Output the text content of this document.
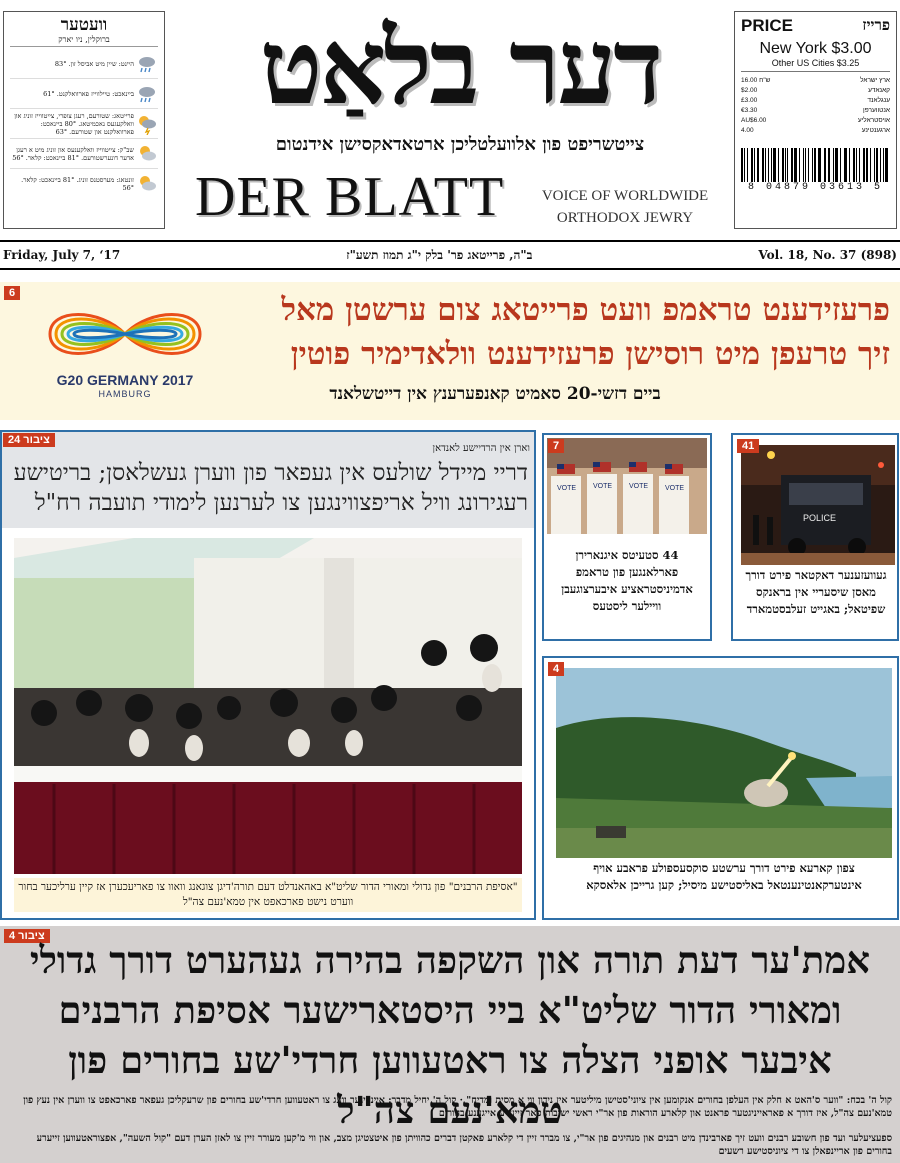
וועטער
ברוקלין, ניו יארק
היינט: שיין מיט אביסל זון. 83°
ביינאכט: טיילווייז פארוואלקנט. 61°
פרייטאג: שטורעם, רעגן צופרי, צייטווייז זוניג און וואלקעגעס נאכמיטאג. 80° ביינאכט: פארוואלקנט און שטורעם. 63°
שב"ק: צייטווייז וואלקענעס און זוניג מיט א רעגן אדער דונערשטורעם. 81° ביינאכט: קלאר. 56°
זונטאג: מערסטנס זוניג. 81° ביינאכט: קלאר. 56°
דער בלאַט
צייטשריפט פון אלוועלטליכן ארטאדאקסישן אידנטום
DER BLATT	VOICE OF WORLDWIDE
ORTHODOX JEWRY
PRICE	פרייז
New York $3.00
Other US Cities $3.25
16.00 ש"ח	ארץ ישראל
$2.00	קאנאדע
£3.00	ענגלאנד
€3.30	אנטווערפן
AU$6.00	אויסטראליע
4.00	ארגענטינע
8 04879 03613 5
Friday, July 7, ‘17	ב"ה, פרייטאג פר' בלק י"ג תמוז תשע"ז	Vol. 18, No. 37 (898)
6
G20 GERMANY 2017
HAMBURG
פרעזידענט טראמפ וועט פרייטאג צום ערשטן מאל
זיך טרעפן מיט רוסישן פרעזידענט וולאדימיר פוטין
ביים דזשי-20 סאמיט קאנפערענץ אין דייטשלאנד
ציבור 24
וארן אין הרדיישע לאנדאן
דריי מיידל שולעס אין געפאר פון ווערן געשלאסן; בריטישע רעגירונג וויל אריפצווינגען צו לערנען לימודי תועבה רח"ל
"אסיפת הרבנים" פון גדולי ומאורי הדור שליט"א באהאנדלט דעם תורה'דיגן צוגאנג וואוו צו פאריעכערן אז קיין ערליכער בחור ווערט נישט פארכאפט אין טמא'נעם צה"ל
7
VOTE VOTE VOTE VOTE
44 סטעיטס איגנארירן פארלאנגען פון טראמפ אדמיניסטראציע איבערצוגעבן וויילער ליסטעס
41
POLICE
געוועזענער דאקטאר פירט דורך מאסן שיסעריי אין בראנקס שפיטאל; באגייט זעלבסטמארד
4
צפון קארעא פירט דורך ערשטע סוקסעספולע פראבע אויף אינטערקאנטינענטאל באליסטישע מיסיל; קען גרייכן אלאסקא
ציבור 4
אמת'ער דעת תורה און השקפה בהירה געהערט דורך גדולי ומאורי הדור שליט"א ביי היסטארישער אסיפת הרבנים איבער אופני הצלה צו ראטעווען חרדי'שע בחורים פון טמא'נעם צה"ל
קול ה' בכח: "ווער ס'האט א חלק אין העלפן בחורים אנקומען אין ציוני'סטישן מיליטער איז נידון ווי א מסית ומדיח" · קול ה' יחיל מדבר: איינציגער וועג צו ראטעווען חרדי'שע בחורים פון שרעקליכן געפאר פארכאפט צו ווערן אין נעץ פון טמא'נעם צה"ל, איז דורך א פאראייניגטער פראנט און קלארע הוראות פון אר"י ראשי ישיבות פאר זייערע אייגענע בחורים
ספעציעלער ועד פון חשובע רבנים וועט זיך פארבינדן מיט רבנים און מנהיגים פון אר"י, צו מברר זיין די קלארע פאקטן דברים כהוויתן פון איטצטיגן מצב, און ווי מ'קען מעורר זיין צו לאזן הערן דעם "קול השעה", אפצוראטעווען זייערע בחורים פון אריינפאלן צו די ציוניסטישע רשעים
